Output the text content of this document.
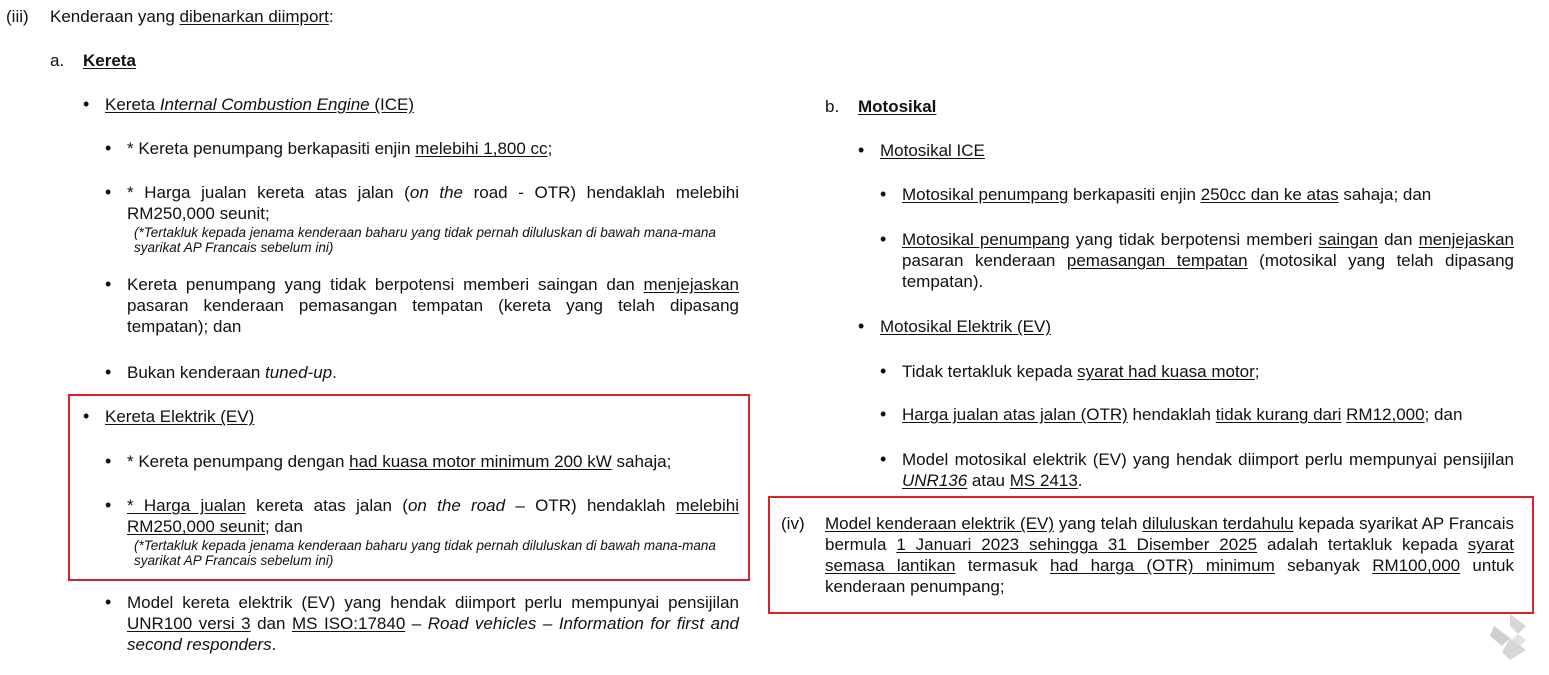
(iii) Kenderaan yang dibenarkan diimport:
a. Kereta
• Kereta Internal Combustion Engine (ICE)
• * Kereta penumpang berkapasiti enjin melebihi 1,800 cc;
• * Harga jualan kereta atas jalan (on the road - OTR) hendaklah melebihi RM250,000 seunit;
(*Tertakluk kepada jenama kenderaan baharu yang tidak pernah diluluskan di bawah mana-mana syarikat AP Francais sebelum ini)
• Kereta penumpang yang tidak berpotensi memberi saingan dan menjejaskan pasaran kenderaan pemasangan tempatan (kereta yang telah dipasang tempatan); dan
• Bukan kenderaan tuned-up.
• Kereta Elektrik (EV)
• * Kereta penumpang dengan had kuasa motor minimum 200 kW sahaja;
• * Harga jualan kereta atas jalan (on the road – OTR) hendaklah melebihi RM250,000 seunit; dan
(*Tertakluk kepada jenama kenderaan baharu yang tidak pernah diluluskan di bawah mana-mana syarikat AP Francais sebelum ini)
• Model kereta elektrik (EV) yang hendak diimport perlu mempunyai pensijilan UNR100 versi 3 dan MS ISO:17840 – Road vehicles – Information for first and second responders.
b. Motosikal
• Motosikal ICE
• Motosikal penumpang berkapasiti enjin 250cc dan ke atas sahaja; dan
• Motosikal penumpang yang tidak berpotensi memberi saingan dan menjejaskan pasaran kenderaan pemasangan tempatan (motosikal yang telah dipasang tempatan).
• Motosikal Elektrik (EV)
• Tidak tertakluk kepada syarat had kuasa motor;
• Harga jualan atas jalan (OTR) hendaklah tidak kurang dari RM12,000; dan
• Model motosikal elektrik (EV) yang hendak diimport perlu mempunyai pensijilan UNR136 atau MS 2413.
(iv) Model kenderaan elektrik (EV) yang telah diluluskan terdahulu kepada syarikat AP Francais bermula 1 Januari 2023 sehingga 31 Disember 2025 adalah tertakluk kepada syarat semasa lantikan termasuk had harga (OTR) minimum sebanyak RM100,000 untuk kenderaan penumpang;
